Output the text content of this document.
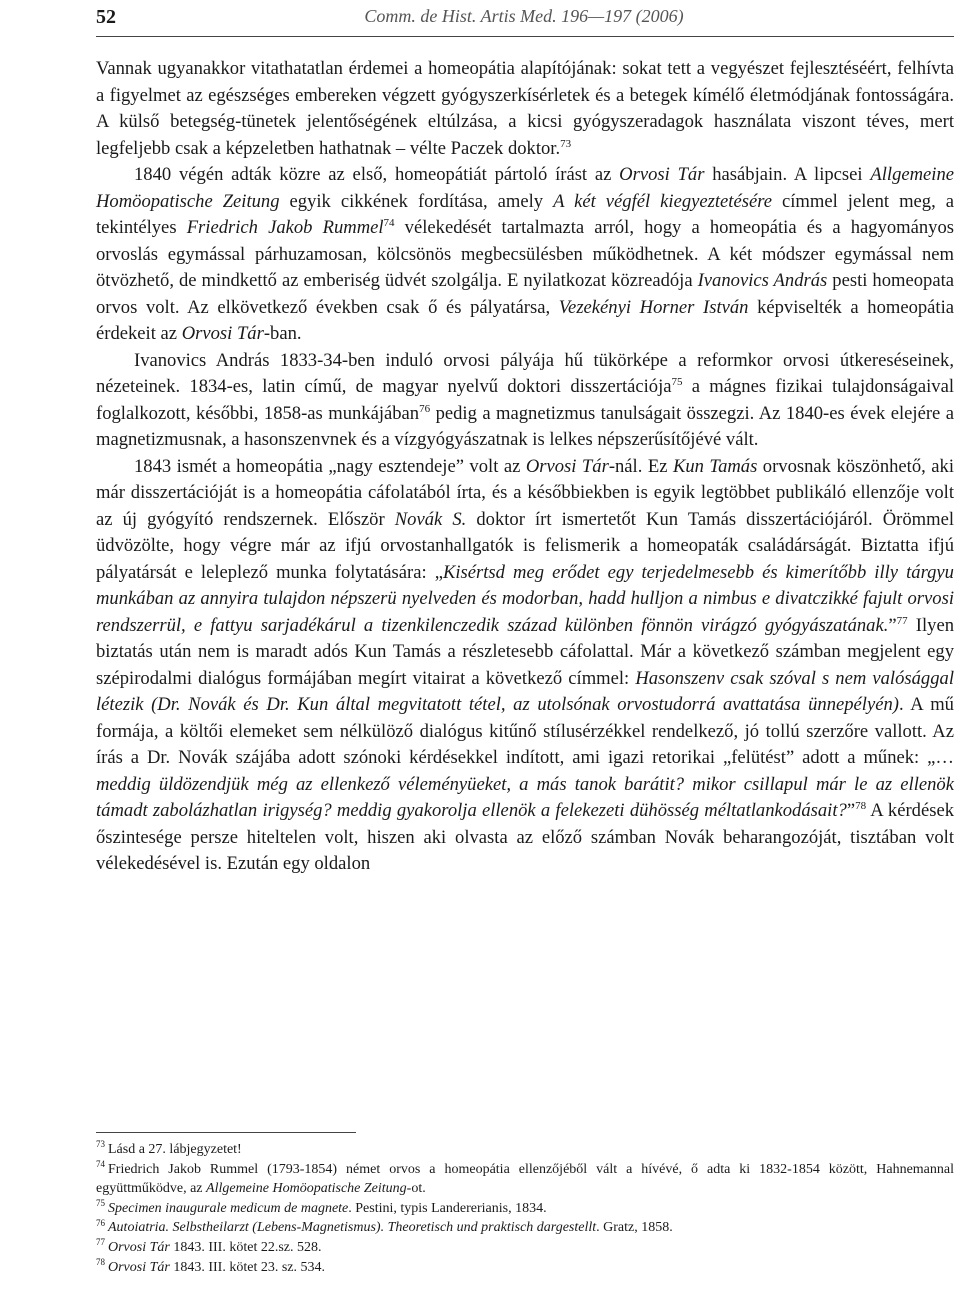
52	Comm. de Hist. Artis Med. 196—197 (2006)

Vannak ugyanakkor vitathatatlan érdemei a homeopátia alapítójának: sokat tett a vegyészet fejlesztéséért, felhívta a figyelmet az egészséges embereken végzett gyógyszerkísérletek és a betegek kímélő életmódjának fontosságára. A külső betegség-tünetek jelentőségének eltúlzása, a kicsi gyógyszeradagok használata viszont téves, mert legfeljebb csak a képzeletben hathatnak – vélte Paczek doktor.$^{73}$

1840 végén adták közre az első, homeopátiát pártoló írást az Orvosi Tár hasábjain. A lipcsei Allgemeine Homöopatische Zeitung egyik cikkének fordítása, amely A két végfél kiegyeztetésére címmel jelent meg, a tekintélyes Friedrich Jakob Rummel$^{74}$ vélekedését tartalmazta arról, hogy a homeopátia és a hagyományos orvoslás egymással párhuzamosan, kölcsönös megbecsülésben működhetnek. A két módszer egymással nem ötvözhető, de mindkettő az emberiség üdvét szolgálja. E nyilatkozat közreadója Ivanovics András pesti homeopata orvos volt. Az elkövetkező években csak ő és pályatársa, Vezekényi Horner István képviselték a homeopátia érdekeit az Orvosi Tár-ban.

Ivanovics András 1833-34-ben induló orvosi pályája hű tükörképe a reformkor orvosi útkereséseinek, nézeteinek. 1834-es, latin című, de magyar nyelvű doktori disszertációja$^{75}$ a mágnes fizikai tulajdonságaival foglalkozott, későbbi, 1858-as munkájában$^{76}$ pedig a magnetizmus tanulságait összegzi. Az 1840-es évek elejére a magnetizmusnak, a hasonszenvnek és a vízgyógyászatnak is lelkes népszerűsítőjévé vált.

1843 ismét a homeopátia „nagy esztendeje” volt az Orvosi Tár-nál. Ez Kun Tamás orvosnak köszönhető, aki már disszertációját is a homeopátia cáfolatából írta, és a későbbiekben is egyik legtöbbet publikáló ellenzője volt az új gyógyító rendszernek. Először Novák S. doktor írt ismertetőt Kun Tamás disszertációjáról. Örömmel üdvözölte, hogy végre már az ifjú orvostanhallgatók is felismerik a homeopaták családárságát. Biztatta ifjú pályatársát e leleplező munka folytatására: „Kisértsd meg erődet egy terjedelmesebb és kimerítőbb illy tárgyu munkában az annyira tulajdon népszerü nyelveden és modorban, hadd hulljon a nimbus e divatczikké fajult orvosi rendszerrül, e fattyu sarjadékárul a tizenkilenczedik század különben fönnön virágzó gyógyászatának.”$^{77}$ Ilyen biztatás után nem is maradt adós Kun Tamás a részletesebb cáfolattal. Már a következő számban megjelent egy szépirodalmi dialógus formájában megírt vitairat a következő címmel: Hasonszenv csak szóval s nem valósággal létezik (Dr. Novák és Dr. Kun által megvitatott tétel, az utolsónak orvostudorrá avattatása ünnepélyén). A mű formája, a költői elemeket sem nélkülöző dialógus kitűnő stílusérzékkel rendelkező, jó tollú szerzőre vallott. Az írás a Dr. Novák szájába adott szónoki kérdésekkel indított, ami igazi retorikai „felütést” adott a műnek: „…meddig üldözendjük még az ellenkező véleményüeket, a más tanok barátit? mikor csillapul már le az ellenök támadt zabolázhatlan irigység? meddig gyakorolja ellenök a felekezeti dühösség méltatlankodásait?”$^{78}$ A kérdések őszintesége persze hiteltelen volt, hiszen aki olvasta az előző számban Novák beharangozóját, tisztában volt vélekedésével is. Ezután egy oldalon

$^{73}$ Lásd a 27. lábjegyzetet!

$^{74}$ Friedrich Jakob Rummel (1793-1854) német orvos a homeopátia ellenzőjéből vált a hívévé, ő adta ki 1832-1854 között, Hahnemannal együttműködve, az Allgemeine Homöopatische Zeitung-ot.

$^{75}$ Specimen inaugurale medicum de magnete. Pestini, typis Landererianis, 1834.

$^{76}$ Autoiatria. Selbstheilarzt (Lebens-Magnetismus). Theoretisch und praktisch dargestellt. Gratz, 1858.

$^{77}$ Orvosi Tár 1843. III. kötet 22.sz. 528.

$^{78}$ Orvosi Tár 1843. III. kötet 23. sz. 534.
